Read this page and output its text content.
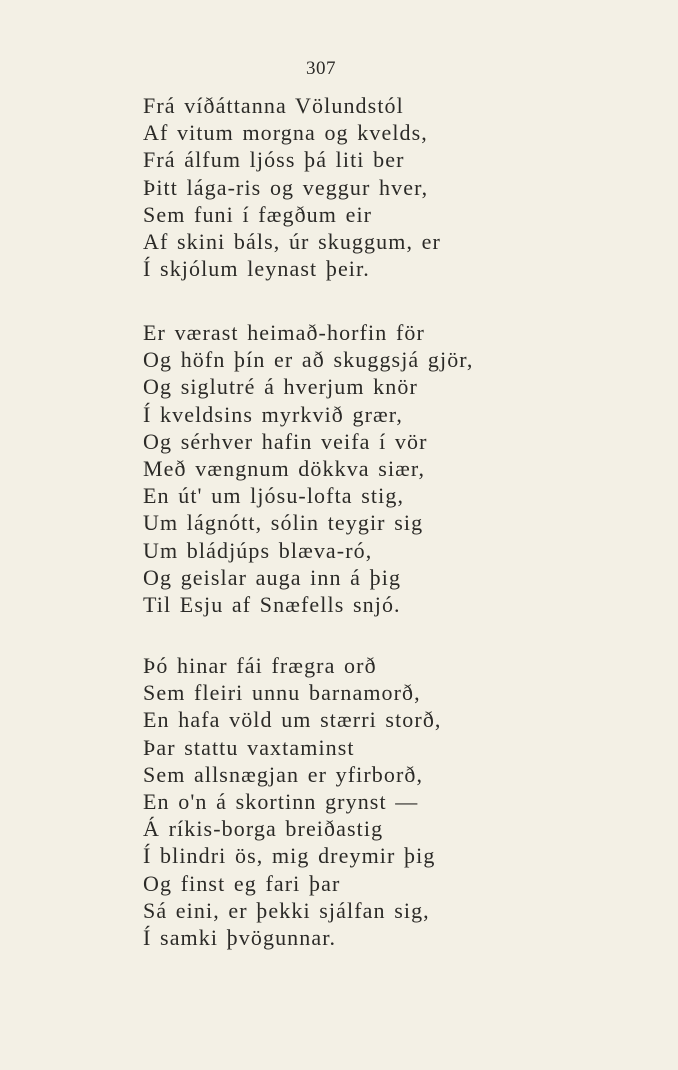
307
Frá víðáttanna Völundstól
Af vitum morgna og kvelds,
Frá álfum ljóss þá liti ber
Þitt lága-ris og veggur hver,
Sem funi í fægðum eir
Af skini báls, úr skuggum, er
Í skjólum leynast þeir.
Er værast heimað-horfin för
Og höfn þín er að skuggsjá gjör,
Og siglutré á hverjum knör
Í kveldsins myrkvið grær,
Og sérhver hafin veifa í vör
Með vængnum dökkva siær,
En út' um ljósu-lofta stig,
Um lágnótt, sólin teygir sig
Um bládjúps blæva-ró,
Og geislar auga inn á þig
Til Esju af Snæfells snjó.
Þó hinar fái frægra orð
Sem fleiri unnu barnamorð,
En hafa völd um stærri storð,
Þar stattu vaxtaminst
Sem allsnægjan er yfirborð,
En o'n á skortinn grynst —
Á ríkis-borga breiðastig
Í blindri ös, mig dreymir þig
Og finst eg fari þar
Sá eini, er þekki sjálfan sig,
Í samki þvögunnar.
